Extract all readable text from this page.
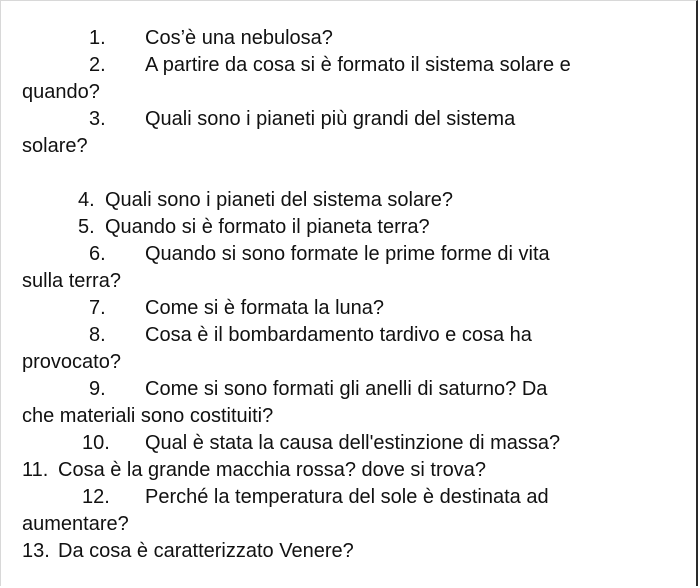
1. Cos’è una nebulosa?
2. A partire da cosa si è formato il sistema solare e
quando?
3. Quali sono i pianeti più grandi del sistema
solare?
4. Quali sono i pianeti del sistema solare?
5. Quando si è formato il pianeta terra?
6. Quando si sono formate le prime forme di vita
sulla terra?
7. Come si è formata la luna?
8. Cosa è il bombardamento tardivo e cosa ha
provocato?
9. Come si sono formati gli anelli di saturno? Da
che materiali sono costituiti?
10. Qual è stata la causa dell'estinzione di massa?
11. Cosa è la grande macchia rossa? dove si trova?
12. Perché la temperatura del sole è destinata ad
aumentare?
13. Da cosa è caratterizzato Venere?
